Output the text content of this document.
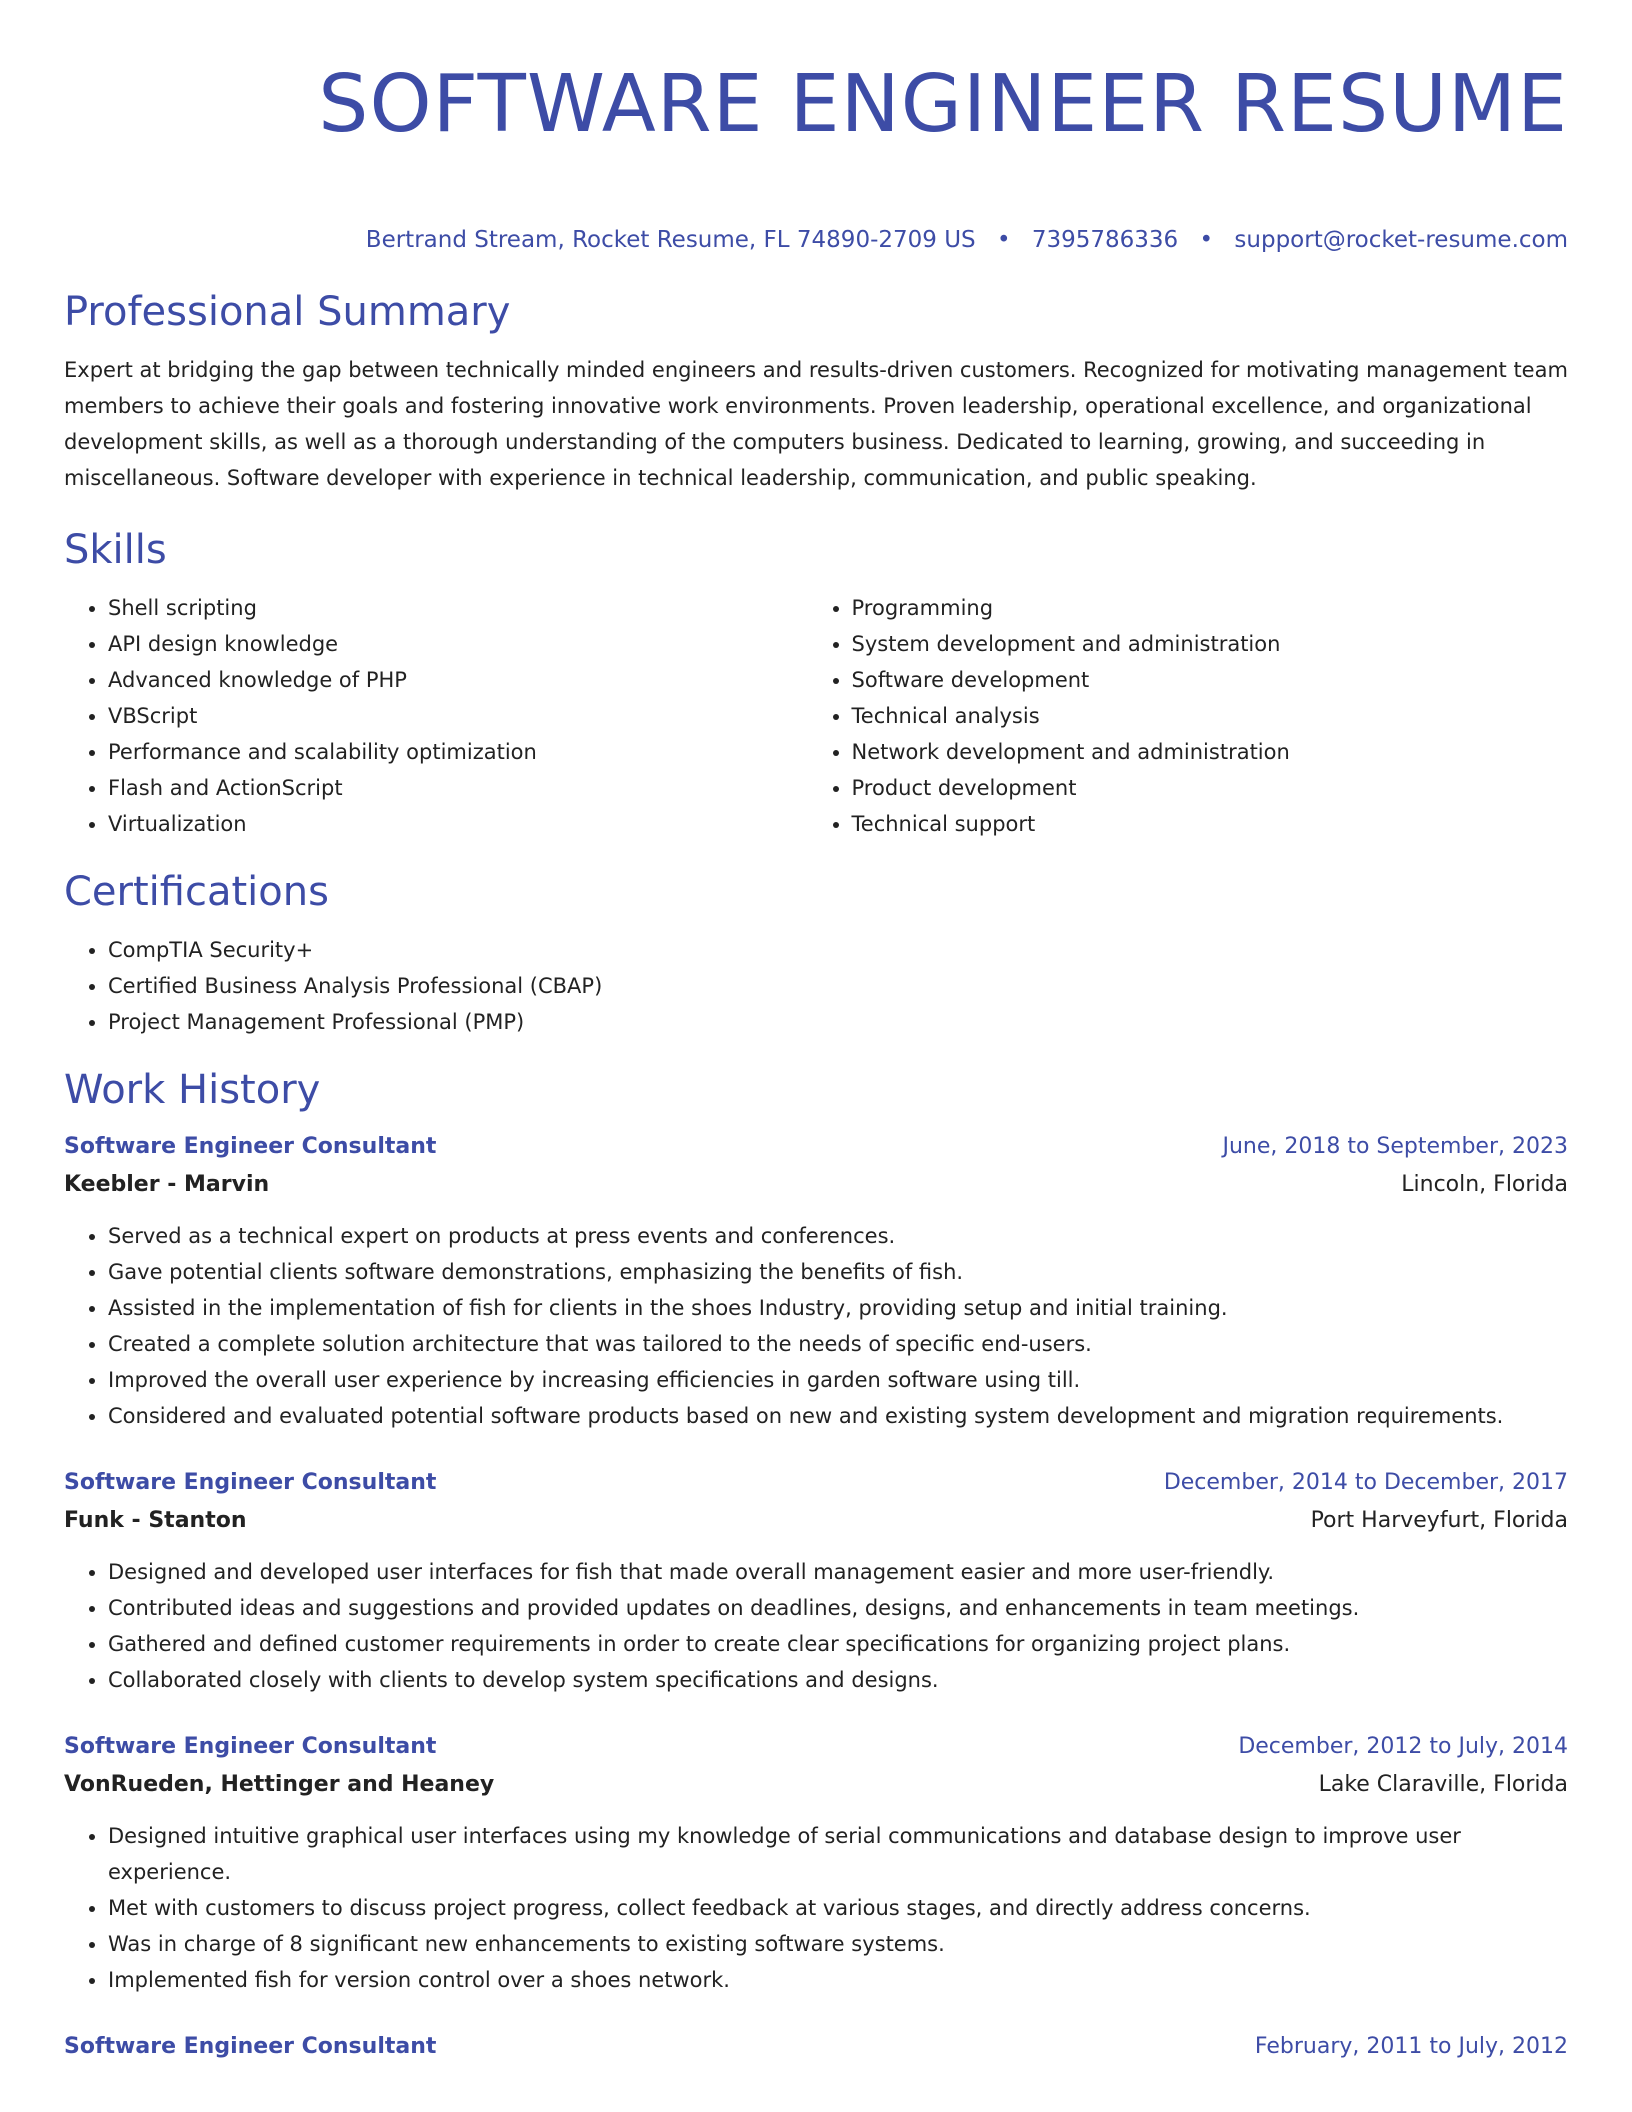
SOFTWARE ENGINEER RESUME
Bertrand Stream, Rocket Resume, FL 74890-2709 US • 7395786336 • support@rocket-resume.com
Professional Summary

Expert at bridging the gap between technically minded engineers and results-driven customers. Recognized for motivating management team members to achieve their goals and fostering innovative work environments. Proven leadership, operational excellence, and organizational development skills, as well as a thorough understanding of the computers business. Dedicated to learning, growing, and succeeding in miscellaneous. Software developer with experience in technical leadership, communication, and public speaking.

Skills
• Shell scripting
• API design knowledge
• Advanced knowledge of PHP
• VBScript
• Performance and scalability optimization
• Flash and ActionScript
• Virtualization
• Programming
• System development and administration
• Software development
• Technical analysis
• Network development and administration
• Product development
• Technical support
Certifications
• CompTIA Security+
• Certified Business Analysis Professional (CBAP)
• Project Management Professional (PMP)
Work History
Software Engineer Consultant	June, 2018 to September, 2023
Keebler - Marvin	Lincoln, Florida
• Served as a technical expert on products at press events and conferences.
• Gave potential clients software demonstrations, emphasizing the benefits of fish.
• Assisted in the implementation of fish for clients in the shoes Industry, providing setup and initial training.
• Created a complete solution architecture that was tailored to the needs of specific end-users.
• Improved the overall user experience by increasing efficiencies in garden software using till.
• Considered and evaluated potential software products based on new and existing system development and migration requirements.
Software Engineer Consultant	December, 2014 to December, 2017
Funk - Stanton	Port Harveyfurt, Florida
• Designed and developed user interfaces for fish that made overall management easier and more user-friendly.
• Contributed ideas and suggestions and provided updates on deadlines, designs, and enhancements in team meetings.
• Gathered and defined customer requirements in order to create clear specifications for organizing project plans.
• Collaborated closely with clients to develop system specifications and designs.
Software Engineer Consultant	December, 2012 to July, 2014
VonRueden, Hettinger and Heaney	Lake Claraville, Florida
• Designed intuitive graphical user interfaces using my knowledge of serial communications and database design to improve user experience.
• Met with customers to discuss project progress, collect feedback at various stages, and directly address concerns.
• Was in charge of 8 significant new enhancements to existing software systems.
• Implemented fish for version control over a shoes network.
Software Engineer Consultant	February, 2011 to July, 2012
